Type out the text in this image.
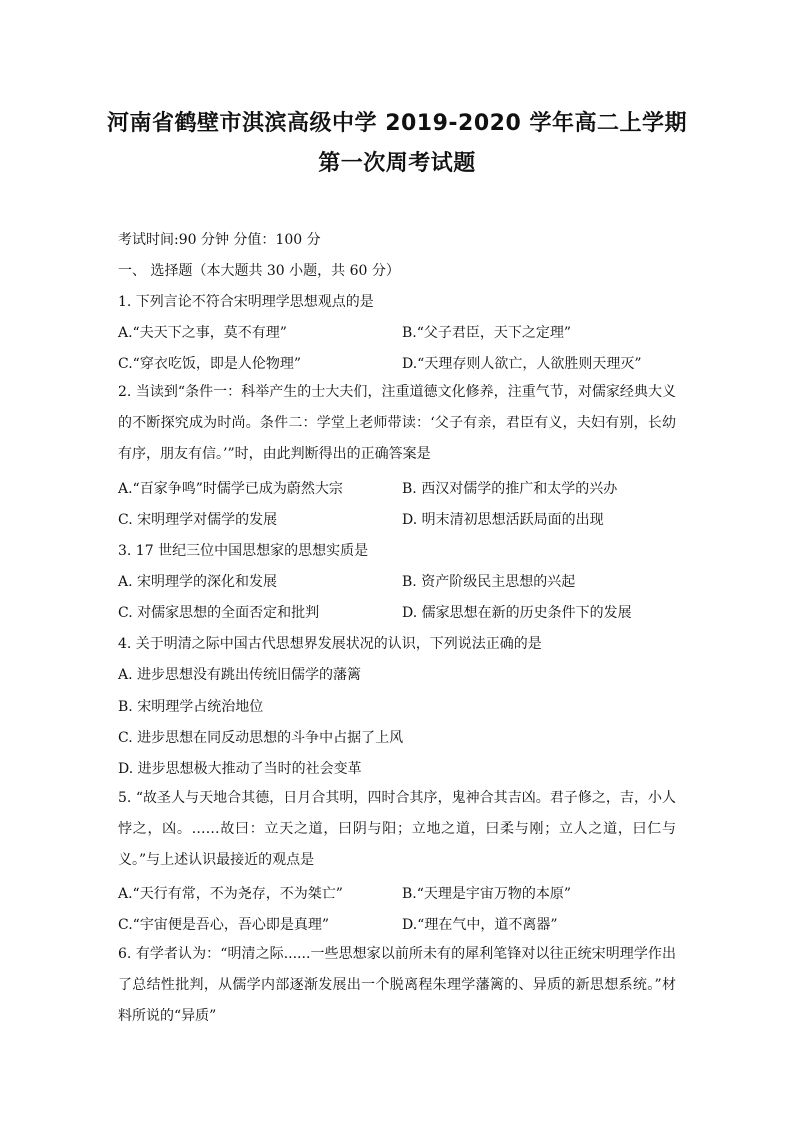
河南省鹤壁市淇滨高级中学 2019-2020 学年高二上学期
第一次周考试题
考试时间:90 分钟 分值：100 分
一、 选择题（本大题共 30 小题，共 60 分）
1. 下列言论不符合宋明理学思想观点的是
A.“夫天下之事，莫不有理”	B.“父子君臣，天下之定理”
C.“穿衣吃饭，即是人伦物理”	D.“天理存则人欲亡，人欲胜则天理灭”
2. 当读到“条件一：科举产生的士大夫们，注重道德文化修养，注重气节，对儒家经典大义的不断探究成为时尚。条件二：学堂上老师带读：‘父子有亲，君臣有义，夫妇有别，长幼有序，朋友有信。’”时，由此判断得出的正确答案是
A.“百家争鸣”时儒学已成为蔚然大宗	B. 西汉对儒学的推广和太学的兴办
C. 宋明理学对儒学的发展	D. 明末清初思想活跃局面的出现
3. 17 世纪三位中国思想家的思想实质是
A. 宋明理学的深化和发展	B. 资产阶级民主思想的兴起
C. 对儒家思想的全面否定和批判	D. 儒家思想在新的历史条件下的发展
4. 关于明清之际中国古代思想界发展状况的认识，下列说法正确的是
A. 进步思想没有跳出传统旧儒学的藩篱
B. 宋明理学占统治地位
C. 进步思想在同反动思想的斗争中占据了上风
D. 进步思想极大推动了当时的社会变革
5. “故圣人与天地合其德，日月合其明，四时合其序，鬼神合其吉凶。君子修之，吉，小人悖之，凶。……故曰：立天之道，曰阴与阳；立地之道，曰柔与刚；立人之道，曰仁与义。”与上述认识最接近的观点是
A.“天行有常，不为尧存，不为桀亡”	B.“天理是宇宙万物的本原”
C.“宇宙便是吾心，吾心即是真理”	D.“理在气中，道不离器”
6. 有学者认为：“明清之际......一些思想家以前所未有的犀利笔锋对以往正统宋明理学作出了总结性批判，从儒学内部逐渐发展出一个脱离程朱理学藩篱的、异质的新思想系统。”材料所说的“异质”
